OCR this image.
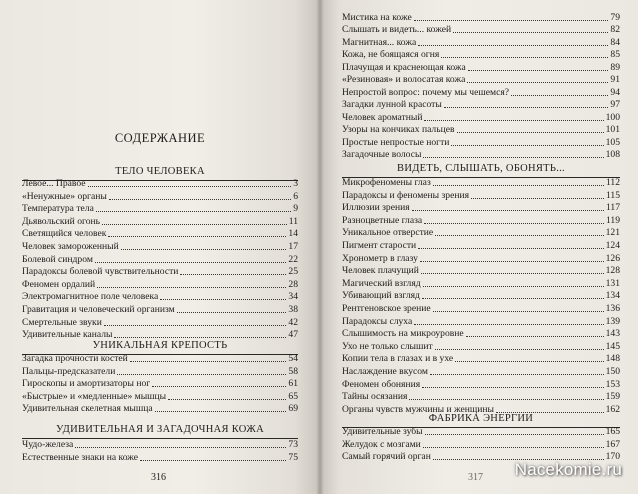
СОДЕРЖАНИЕ
ТЕЛО ЧЕЛОВЕКА
Левое... Правое	3
«Ненужные» органы	6
Температура тела	9
Дьявольский огонь	11
Светящийся человек	14
Человек замороженный	17
Болевой синдром	22
Парадоксы болевой чувствительности	25
Феномен ордалий	28
Электромагнитное поле человека	34
Гравитация и человеческий организм	38
Смертельные звуки	42
Удивительные каналы	47
УНИКАЛЬНАЯ КРЕПОСТЬ
Загадка прочности костей	54
Пальцы-предсказатели	58
Гироскопы и амортизаторы ног	61
«Быстрые» и «медленные» мышцы	65
Удивительная скелетная мышца	69
УДИВИТЕЛЬНАЯ И ЗАГАДОЧНАЯ КОЖА
Чудо-железа	73
Естественные знаки на коже	75
316
Мистика на коже	79
Слышать и видеть... кожей	82
Магнитная... кожа	84
Кожа, не боящаяся огня	85
Плачущая и краснеющая кожа	89
«Резиновая» и волосатая кожа	91
Непростой вопрос: почему мы чешемся?	94
Загадки лунной красоты	97
Человек ароматный	100
Узоры на кончиках пальцев	101
Простые непростые ногти	105
Загадочные волосы	108
ВИДЕТЬ, СЛЫШАТЬ, ОБОНЯТЬ...
Микрофеномены глаз	112
Парадоксы и феномены зрения	115
Иллюзии зрения	117
Разноцветные глаза	119
Уникальное отверстие	121
Пигмент старости	124
Хронометр в глазу	126
Человек плачущий	128
Магический взгляд	131
Убивающий взгляд	134
Рентгеновское зрение	136
Парадоксы слуха	139
Слышимость на микроуровне	143
Ухо не только слышит	145
Копии тела в глазах и в ухе	148
Наслаждение вкусом	150
Феномен обоняния	153
Тайны осязания	159
Органы чувств мужчины и женщины	162
ФАБРИКА ЭНЕРГИИ
Удивительные зубы	165
Желудок с мозгами	167
Самый горячий орган	170
317 Nacekomie.ru
